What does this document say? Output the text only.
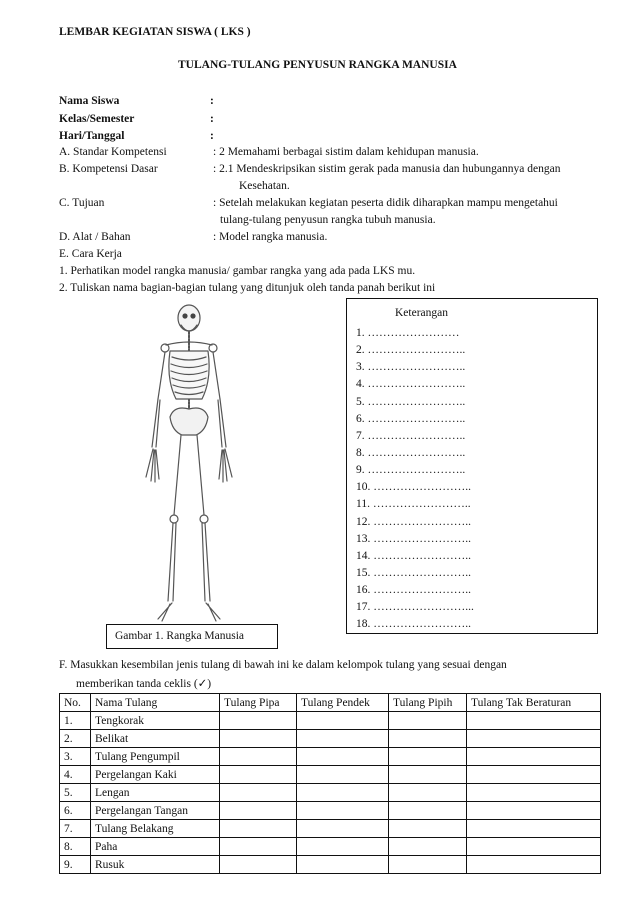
LEMBAR KEGIATAN SISWA ( LKS )
TULANG-TULANG PENYUSUN RANGKA MANUSIA
Nama Siswa	:
Kelas/Semester	:
Hari/Tanggal	:
A. Standar Kompetensi	: 2 Memahami berbagai sistim dalam kehidupan manusia.
B. Kompetensi Dasar	: 2.1 Mendeskripsikan sistim gerak pada manusia dan hubungannya dengan
Kesehatan.
C. Tujuan	: Setelah melakukan kegiatan peserta didik diharapkan mampu mengetahui
tulang-tulang penyusun rangka tubuh manusia.
D. Alat / Bahan	: Model rangka manusia.
E. Cara Kerja
1. Perhatikan model rangka manusia/ gambar rangka yang ada pada LKS mu.
2. Tuliskan nama bagian-bagian tulang yang ditunjuk oleh tanda panah berikut ini
Keterangan
1. ……………………
2. ……………………..
3. ……………………..
4. ……………………..
5. ……………………..
6. ……………………..
7. ……………………..
8. ……………………..
9. ……………………..
10. ……………………..
11. ……………………..
12. ……………………..
13. ……………………..
14. ……………………..
15. ……………………..
16. ……………………..
17. ……………………...
18. ……………………..
Gambar 1. Rangka Manusia
F. Masukkan kesembilan jenis tulang di bawah ini ke dalam kelompok tulang yang sesuai dengan
memberikan tanda ceklis (✓)
No.	Nama Tulang	Tulang Pipa	Tulang Pendek	Tulang Pipih	Tulang Tak Beraturan
1.	Tengkorak				
2.	Belikat				
3.	Tulang Pengumpil				
4.	Pergelangan Kaki				
5.	Lengan				
6.	Pergelangan Tangan				
7.	Tulang Belakang				
8.	Paha				
9.	Rusuk				
